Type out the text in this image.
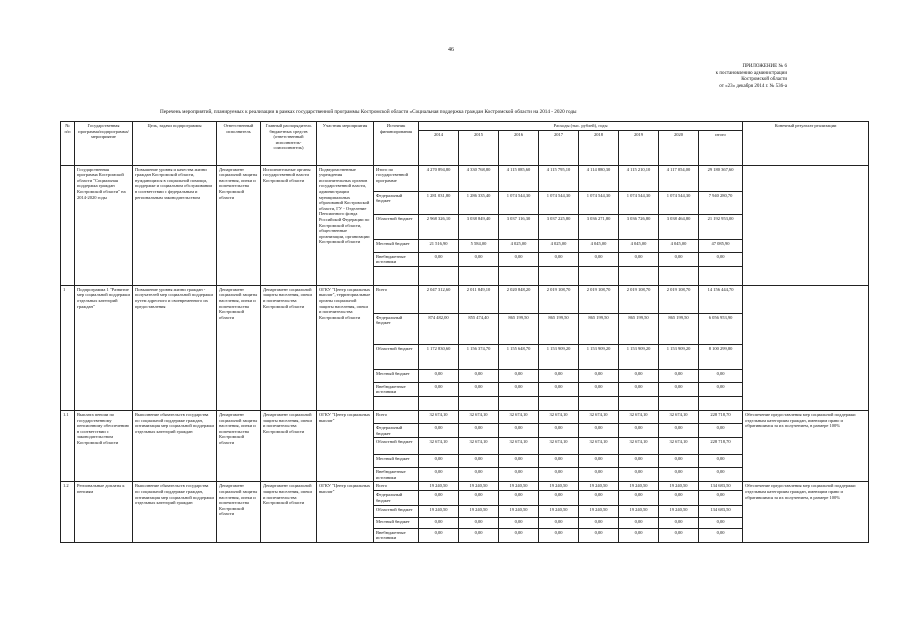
46
ПРИЛОЖЕНИЕ № 6
к постановлению администрации
Костромской области
от «23» декабря 2014 г. № 536-а
Перечень мероприятий, планируемых к реализации в рамках государственной программы Костромской области «Социальная поддержка граждан Костромской области на 2014 - 2020 годы
№ п/п	Государственная программа/подпрограмма/мероприятие	Цель, задачи подпрограммы	Ответственный исполнитель	Главный распорядитель бюджетных средств (ответственный исполнитель-соисполнитель)	Участник мероприятия	Источник финансирования	Расходы (тыс. рублей), годы								Конечный результат реализации
							2014	2015	2016	2017	2018	2019	2020	итого	
	Государственная программа Костромской области "Социальная поддержка граждан Костромской области" на 2014-2020 годы	Повышение уровня и качества жизни граждан Костромской области, нуждающихся в социальной помощи, поддержке и социальном обслуживании в соответствии с федеральным и региональным законодательством	Департамент социальной защиты населения, опеки и попечительства Костромской области	Исполнительные органы государственной власти Костромской области	Подведомственные учреждения исполнительных органов государственной власти, администрации муниципальных образований Костромской области, ГУ - Отделение Пенсионного фонда Российской Федерации по Костромской области, общественные организации, организации Костромской области	Итого по государственной программе	4 270 894,80	4 330 768,80	4 115 085,60	4 115 795,10	4 114 880,30	4 115 210,10	4 117 054,00	29 180 367,60	
						Федеральный бюджет	1 281 031,80	1 286 335,40	1 074 544,30	1 074 544,30	1 074 544,30	1 074 544,30	1 074 544,30	7 940 280,70	
						Областной бюджет	2 968 326,10	3 038 849,40	3 037 116,30	3 037 225,80	3 036 271,80	3 036 726,80	3 038 464,80	21 192 953,00	
						Местный бюджет	21 516,90	5 584,00	4 025,00	4 025,00	4 045,00	4 045,00	4 045,00	47 085,90	
						Внебюджетные источники	0,00	0,00	0,00	0,00	0,00	0,00	0,00	0,00	

1	Подпрограмма 1 "Развитие мер социальной поддержки отдельных категорий граждан"	Повышение уровня жизни граждан - получателей мер социальной поддержки путем адресного и своевременного их предоставления	Департамент социальной защиты населения, опеки и попечительства Костромской области	Департамент социальной защиты населения, опеки и попечительства Костромской области	ОГКУ "Центр социальных выплат", территориальные органы социальной защиты населения, опеки и попечительства Костромской области	Всего	2 047 312,60	2 011 849,10	2 020 848,20	2 019 108,70	2 019 108,70	2 019 108,70	2 019 108,70	14 156 444,70	
						Федеральный бюджет	874 482,00	855 474,40	865 199,50	865 199,50	865 199,50	865 199,50	865 199,50	6 056 953,90	
						Областной бюджет	1 172 830,60	1 156 374,70	1 155 648,70	1 153 909,20	1 153 909,20	1 153 909,20	1 153 909,20	8 100 299,80	
						Местный бюджет	0,00	0,00	0,00	0,00	0,00	0,00	0,00	0,00	
						Внебюджетные источники	0,00	0,00	0,00	0,00	0,00	0,00	0,00	0,00	

1.1	Выплата пенсии по государственному пенсионному обеспечению в соответствии с законодательством Костромской области	Выполнение обязательств государства по социальной поддержке граждан, оптимизация мер социальной поддержки отдельных категорий граждан	Департамент социальной защиты населения, опеки и попечительства Костромской области	Департамент социальной защиты населения, опеки и попечительства Костромской области	ОГКУ "Центр социальных выплат"	Всего	32 674,10	32 674,10	32 674,10	32 674,10	32 674,10	32 674,10	32 674,10	228 718,70	Обеспечение предоставления мер социальной поддержки отдельным категориям граждан, имеющим право и обратившимся за их получением, в размере 100%
						Федеральный бюджет	0,00	0,00	0,00	0,00	0,00	0,00	0,00	0,00	
						Областной бюджет	32 674,10	32 674,10	32 674,10	32 674,10	32 674,10	32 674,10	32 674,10	228 718,70	
						Местный бюджет	0,00	0,00	0,00	0,00	0,00	0,00	0,00	0,00	
						Внебюджетные источники	0,00	0,00	0,00	0,00	0,00	0,00	0,00	0,00	
1.2	Региональные доплаты к пенсиям	Выполнение обязательств государства по социальной поддержке граждан, оптимизация мер социальной поддержки отдельных категорий граждан	Департамент социальной защиты населения, опеки и попечительства Костромской области	Департамент социальной защиты населения, опеки и попечительства Костромской области	ОГКУ "Центр социальных выплат"	Всего	19 240,50	19 240,50	19 240,50	19 240,50	19 240,50	19 240,50	19 240,50	134 683,50	Обеспечение предоставления мер социальной поддержки отдельным категориям граждан, имеющим право и обратившимся за их получением, в размере 100%
						Федеральный бюджет	0,00	0,00	0,00	0,00	0,00	0,00	0,00	0,00	
						Областной бюджет	19 240,50	19 240,50	19 240,50	19 240,50	19 240,50	19 240,50	19 240,50	134 683,50	
						Местный бюджет	0,00	0,00	0,00	0,00	0,00	0,00	0,00	0,00	
						Внебюджетные источники	0,00	0,00	0,00	0,00	0,00	0,00	0,00	0,00	
